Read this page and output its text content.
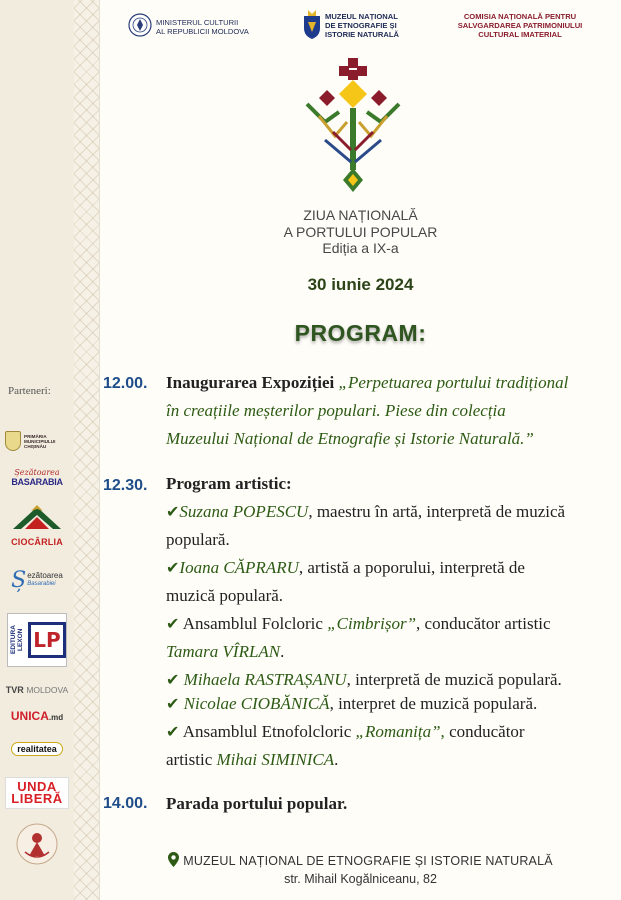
Parteneri:
PRIMĂRIA MUNICIPIULUI CHIȘINĂU
Șezătoarea
BASARABIA
CIOCÂRLIA
Ș ezătoarea
Basarabiei
EDITURA LEXON LP
TVR
MOLDOVA
UNICA.md
realitatea
UNDA
LIBERĂ
MINISTERUL CULTURII
AL REPUBLICII MOLDOVA
MUZEUL NAȚIONAL
DE ETNOGRAFIE ȘI
ISTORIE NATURALĂ
COMISIA NAȚIONALĂ PENTRU
SALVGARDAREA PATRIMONIULUI
CULTURAL IMATERIAL
ZIUA NAȚIONALĂ
A PORTULUI POPULAR
Ediția a IX-a
30 iunie 2024
PROGRAM:
12.00. Inaugurarea Expoziției „Perpetuarea portului tradițional
în creațiile meșterilor populari. Piese din colecția
Muzeului Național de Etnografie și Istorie Naturală.”
12.30. Program artistic:
✔Suzana POPESCU, maestru în artă, interpretă de muzică
populară.
✔Ioana CĂPRARU, artistă a poporului, interpretă de
muzică populară.
✔ Ansamblul Folcloric „Cimbrișor”, conducător artistic
Tamara VÎRLAN.
✔ Mihaela RASTRAȘANU, interpretă de muzică populară.
✔ Nicolae CIOBĂNICĂ, interpret de muzică populară.
✔ Ansamblul Etnofolcloric „Romanița”, conducător
artistic Mihai SIMINICA.
14.00. Parada portului popular.
MUZEUL NAȚIONAL DE ETNOGRAFIE ȘI ISTORIE NATURALĂ
str. Mihail Kogălniceanu, 82
